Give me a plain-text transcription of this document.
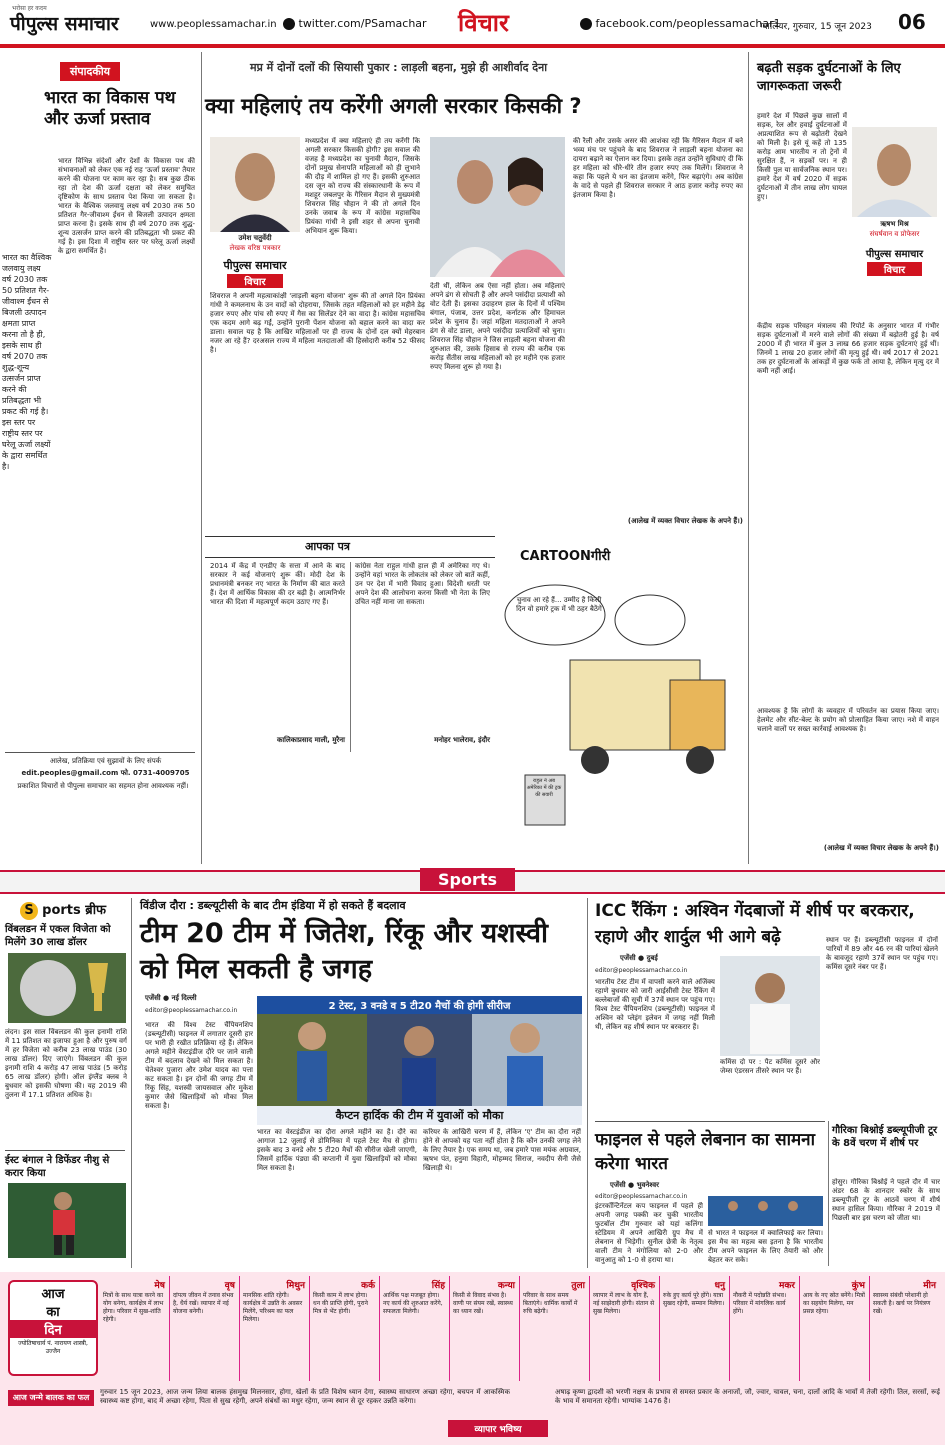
पीपुल्स समाचार
भरोसा हर कदम
www.peoplessamachar.in	twitter.com/PSamachar विचार	facebook.com/peoplessamachar1
ग्वालियर, गुरुवार, 15 जून 2023 06
संपादकीय
भारत का विकास पथ और ऊर्जा प्रस्ताव
भारत विभिन्न संदेशों और देशों के विकास पथ की संभावनाओं को लेकर एक नई राह 'ऊर्जा प्रस्ताव' तैयार करने की योजना पर काम कर रहा है। सब कुछ ठीक रहा तो देश की ऊर्जा दक्षता को लेकर समुचित दृष्टिकोण के साथ प्रस्ताव पेश किया जा सकता है। भारत के वैश्विक जलवायु लक्ष्य वर्ष 2030 तक 50 प्रतिशत गैर-जीवाश्म ईंधन से बिजली उत्पादन क्षमता प्राप्त करना है। इसके साथ ही वर्ष 2070 तक शुद्ध-शून्य उत्सर्जन प्राप्त करने की प्रतिबद्धता भी प्रकट की गई है। इस दिशा में राष्ट्रीय स्तर पर घरेलू ऊर्जा लक्ष्यों के द्वारा समर्थित है।
भारत का वैश्विक जलवायु लक्ष्य वर्ष 2030 तक 50 प्रतिशत गैर-जीवाश्म ईंधन से बिजली उत्पादन क्षमता प्राप्त करना तो है ही, इसके साथ ही वर्ष 2070 तक शुद्ध-शून्य उत्सर्जन प्राप्त करने की प्रतिबद्धता भी प्रकट की गई है। इस स्तर पर राष्ट्रीय स्तर पर घरेलू ऊर्जा लक्ष्यों के द्वारा समर्थित है।
आलेख, प्रतिक्रिया एवं सुझावों के लिए संपर्क
edit.peoples@gmail.com फो. 0731-4009705
प्रकाशित विचारों से पीपुल्स समाचार का सहमत होना आवश्यक नहीं।
मप्र में दोनों दलों की सियासी पुकार : लाड़ली बहना, मुझे ही आशीर्वाद देना
क्या महिलाएं तय करेंगी अगली सरकार किसकी ?
उमेश चतुर्वेदी
लेखक वरिष्ठ पत्रकार
पीपुल्स समाचार
विचार
मध्यप्रदेश में क्या महिलाएं ही तय करेंगी कि अगली सरकार किसकी होगी? इस सवाल की वजह है मध्यप्रदेश का चुनावी मैदान, जिसके दोनों प्रमुख सेनापति महिलाओं को ही लुभाने की दौड़ में शामिल हो गए हैं। इसकी शुरुआत दस जून को राज्य की संस्कारधानी के रूप में मशहूर जबलपुर के गैरिसन मैदान से मुख्यमंत्री शिवराज सिंह चौहान ने की तो अगले दिन उनके जवाब के रूप में कांग्रेस महासचिव प्रियंका गांधी ने इसी शहर से अपना चुनावी अभियान शुरू किया।
शिवराज ने अपनी महत्वाकांक्षी 'लाड़ली बहना योजना' शुरू की तो अगले दिन प्रियंका गांधी ने कमलनाथ के उन वादों को दोहराया, जिसके तहत महिलाओं को हर महीने डेढ़ हजार रुपए और पांच सौ रुपए में गैस का सिलेंडर देने का वादा है। कांग्रेस महासचिव एक कदम आगे बढ़ गईं, उन्होंने पुरानी पेंशन योजना को बहाल करने का वादा कर डाला। सवाल यह है कि आखिर महिलाओं पर ही राज्य के दोनों दल क्यों मेहरबान नजर आ रहे हैं? दरअसल राज्य में महिला मतदाताओं की हिस्सेदारी करीब 52 फीसद है।
देती थीं, लेकिन अब ऐसा नहीं होता। अब महिलाएं अपने ढंग से सोचती हैं और अपने पसंदीदा प्रत्याशी को वोट देती हैं। इसका उदाहरण हाल के दिनों में पश्चिम बंगाल, पंजाब, उत्तर प्रदेश, कर्नाटक और हिमाचल प्रदेश के चुनाव हैं। जहां महिला मतदाताओं ने अपने ढंग से वोट डाला, अपने पसंदीदा प्रत्याशियों को चुना। शिवराज सिंह चौहान ने जिस लाड़ली बहना योजना की शुरुआत की, उसके हिसाब से राज्य की करीब एक करोड़ सैंतीस लाख महिलाओं को हर महीने एक हजार रुपए मिलना शुरू हो गया है।
की रैली और उसके असर की आशंका रही कि गैरिसन मैदान में बने भव्य मंच पर पहुंचने के बाद शिवराज ने लाड़ली बहना योजना का दायरा बढ़ाने का ऐलान कर दिया। इसके तहत उन्होंने सुविधाएं दी कि हर महिला को धीरे-धीरे तीन हजार रुपए तक मिलेंगे। शिवराज ने कहा कि पहले ये धन का इंतजाम करेंगे, फिर बढ़ाएंगे। अब कांग्रेस के वादे से पहले ही शिवराज सरकार ने आठ हजार करोड़ रुपए का इंतजाम किया है।
(आलेख में व्यक्त विचार लेखक के अपने हैं।)
आपका पत्र
2014 में केंद्र में एनडीए के सत्ता में आने के बाद सरकार ने कई योजनाएं शुरू कीं। मोदी देश के प्रधानमंत्री बनकर नए भारत के निर्माण की बात करते हैं। देश में आर्थिक विकास की दर बढ़ी है। आत्मनिर्भर भारत की दिशा में महत्वपूर्ण कदम उठाए गए हैं।
कालिकाप्रसाद माली, मुरैना
कांग्रेस नेता राहुल गांधी हाल ही में अमेरिका गए थे। उन्होंने वहां भारत के लोकतंत्र को लेकर जो बातें कहीं, उन पर देश में भारी विवाद हुआ। विदेशी धरती पर अपने देश की आलोचना करना किसी भी नेता के लिए उचित नहीं माना जा सकता।
मनोहर भालेराव, इंदौर
CARTOONगीरी
चुनाव आ रहे हैं... उम्मीद है किसी दिन वो हमारे ट्रक में भी ठहर बैठेंगे
राहुल ने अब अमेरिका में की ट्रक की सवारी
बढ़ती सड़क दुर्घटनाओं के लिए जागरूकता जरूरी
हमारे देश में पिछले कुछ सालों में सड़क, रेल और हवाई दुर्घटनाओं में अप्रत्याशित रूप से बढ़ोतरी देखने को मिली है। इसे यूं कहें तो 135 करोड़ आम भारतीय न तो ट्रेनों में सुरक्षित हैं, न सड़कों पर। न ही किसी पुल या सार्वजनिक स्थान पर। हमारे देश में वर्ष 2020 में सड़क दुर्घटनाओं में तीन लाख लोग घायल हुए।
ऋषभ मिश्र
संघर्षवान व प्रोफेसर
पीपुल्स समाचार
विचार
केंद्रीय सड़क परिवहन मंत्रालय की रिपोर्ट के अनुसार भारत में गंभीर सड़क दुर्घटनाओं में मरने वाले लोगों की संख्या में बढ़ोतरी हुई है। वर्ष 2000 में ही भारत में कुल 3 लाख 66 हजार सड़क दुर्घटनाएं हुई थीं। जिनमें 1 लाख 20 हजार लोगों की मृत्यु हुई थी। वर्ष 2017 से 2021 तक हर दुर्घटनाओं के आंकड़ों में कुछ फर्क तो आया है, लेकिन मृत्यु दर में कमी नहीं आई।
आवश्यक है कि लोगों के व्यवहार में परिवर्तन का प्रयास किया जाए। हेलमेट और सीट-बेल्ट के प्रयोग को प्रोत्साहित किया जाए। नशे में वाहन चलाने वालों पर सख्त कार्रवाई आवश्यक है।
(आलेख में व्यक्त विचार लेखक के अपने हैं।)
Sports
S ports ब्रीफ
विंबलडन में एकल विजेता को मिलेंगे 30 लाख डॉलर
लंदन। इस साल विंबलडन की कुल इनामी राशि में 11 प्रतिशत का इजाफा हुआ है और पुरुष वर्ग में हर विजेता को करीब 23 लाख पाउंड (30 लाख डॉलर) दिए जाएंगे। विंबलडन की कुल इनामी राशि 4 करोड़ 47 लाख पाउंड (5 करोड़ 65 लाख डॉलर) होगी। ऑल इंग्लैंड क्लब ने बुधवार को इसकी घोषणा की। यह 2019 की तुलना में 17.1 प्रतिशत अधिक है।
ईस्ट बंगाल ने डिफेंडर नीशु से करार किया
विंडीज दौरा : डब्ल्यूटीसी के बाद टीम इंडिया में हो सकते हैं बदलाव
टीम 20 टीम में जितेश, रिंकू और यशस्वी को मिल सकती है जगह
एजेंसी ● नई दिल्ली
editor@peoplessamachar.co.in
भारत की विश्व टेस्ट चैंपियनशिप (डब्ल्यूटीसी) फाइनल में लगातार दूसरी हार पर भारी ही रखीत प्रतिक्रिया रहे हैं। लेकिन अगले महीने वेस्टइंडीज दौरे पर जाने वाली टीम में बदलाव देखने को मिल सकता है। चेतेश्वर पुजारा और उमेश यादव का पत्ता कट सकता है। इन दोनों की जगह टीम में रिंकू सिंह, यशस्वी जायसवाल और मुकेश कुमार जैसे खिलाड़ियों को मौका मिल सकता है।
2 टेस्ट, 3 वनडे व 5 टी20 मैचों की होगी सीरीज
कैप्टन हार्दिक की टीम में युवाओं को मौका
भारत का वेस्टइंडीज का दौरा अगले महीने का है। दौरे का आगाज 12 जुलाई से डोमिनिका में पहले टेस्ट मैच से होगा। इसके बाद 3 वनडे और 5 टी20 मैचों की सीरीज खेली जाएगी, जिसमें हार्दिक पंड्या की कप्तानी में युवा खिलाड़ियों को मौका मिल सकता है।
करियर के आखिरी चरण में हैं, लेकिन 'ए' टीम का दौरा नहीं होने से आपको यह पता नहीं होता है कि कौन उनकी जगह लेने के लिए तैयार है। एक समय था, जब हमारे पास मयंक अग्रवाल, ऋषभ पंत, हनुमा विहारी, मोहम्मद सिराज, नवदीप सैनी जैसे खिलाड़ी थे।
ICC रैंकिंग : अश्विन गेंदबाजों में शीर्ष पर बरकरार, रहाणे और शार्दुल भी आगे बढ़े
एजेंसी ● दुबई
editor@peoplessamachar.co.in
भारतीय टेस्ट टीम में वापसी करने वाले अजिंक्य रहाणे बुधवार को जारी आईसीसी टेस्ट रैंकिंग में बल्लेबाजों की सूची में 37वें स्थान पर पहुंच गए। विश्व टेस्ट चैंपियनशिप (डब्ल्यूटीसी) फाइनल में अश्विन को प्लेइंग इलेवन में जगह नहीं मिली थी, लेकिन वह शीर्ष स्थान पर बरकरार हैं।
कमिंस दो पर : पैट कमिंस दूसरे और जेम्स एंडरसन तीसरे स्थान पर हैं।
स्थान पर हैं। डब्ल्यूटीसी फाइनल में दोनों पारियों में 89 और 46 रन की पारियां खेलने के बावजूद रहाणे 37वें स्थान पर पहुंच गए। कमिंस दूसरे नंबर पर हैं।
फाइनल से पहले लेबनान का सामना करेगा भारत
एजेंसी ● भुवनेश्वर
editor@peoplessamachar.co.in
इंटरकॉन्टिनेंटल कप फाइनल में पहले ही अपनी जगह पक्की कर चुकी भारतीय फुटबॉल टीम गुरुवार को यहां कलिंगा स्टेडियम में अपने आखिरी ग्रुप मैच में लेबनान से भिड़ेगी। सुनील छेत्री के नेतृत्व वाली टीम ने मंगोलिया को 2-0 और वानुआतु को 1-0 से हराया था।
से भारत ने फाइनल में क्वालिफाई कर लिया। इस मैच का महत्व बस इतना है कि भारतीय टीम अपने फाइनल के लिए तैयारी को और बेहतर कर सके।
गौरिका बिश्नोई डब्ल्यूपीजी टूर के 8वें चरण में शीर्ष पर
होसुर। गौरिका बिश्नोई ने पहले दौर में चार अंडर 68 के शानदार स्कोर के साथ डब्ल्यूपीजी टूर के आठवें चरण में शीर्ष स्थान हासिल किया। गौरिका ने 2019 में पिछली बार इस चरण को जीता था।
आज
का
दिन
ज्योतिषाचार्य पं. नारायण शास्त्री, उज्जैन
मेष
मित्रों के साथ यात्रा करने का योग बनेगा, कार्यक्षेत्र में लाभ होगा। परिवार में सुख-शांति रहेगी।
वृष
दांपत्य जीवन में तनाव संभव है, धैर्य रखें। व्यापार में नई योजना बनेगी।
मिथुन
मानसिक शांति रहेगी। कार्यक्षेत्र में उन्नति के अवसर मिलेंगे, परिश्रम का फल मिलेगा।
कर्क
किसी काम में लाभ होगा। धन की प्राप्ति होगी, पुराने मित्र से भेंट होगी।
सिंह
आर्थिक पक्ष मजबूत होगा। नए कार्य की शुरुआत करेंगे, सफलता मिलेगी।
कन्या
किसी से विवाद संभव है। वाणी पर संयम रखें, स्वास्थ्य का ध्यान रखें।
तुला
परिवार के साथ समय बिताएंगे। धार्मिक कार्यों में रुचि बढ़ेगी।
वृश्चिक
व्यापार में लाभ के योग हैं, नई साझेदारी होगी। संतान से सुख मिलेगा।
धनु
रुके हुए कार्य पूरे होंगे। यात्रा सुखद रहेगी, सम्मान मिलेगा।
मकर
नौकरी में पदोन्नति संभव। परिवार में मांगलिक कार्य होंगे।
कुंभ
आय के नए स्रोत बनेंगे। मित्रों का सहयोग मिलेगा, मन प्रसन्न रहेगा।
मीन
स्वास्थ्य संबंधी परेशानी हो सकती है। खर्च पर नियंत्रण रखें।
आज जन्मे बालक का फल
गुरुवार 15 जून 2023, आज जन्म लिया बालक हंसमुख मिलनसार, होगा, खेलों के प्रति विशेष ध्यान देगा, स्वास्थ्य साधारण अच्छा रहेगा, बचपन में आकस्मिक स्वास्थ्य कष्ट होगा, बाद में अच्छा रहेगा, पिता से सुख रहेगी, अपने संबंधों का मधुर रहेगा, जन्म स्थान से दूर रहकर उन्नति करेगा।
व्यापार भविष्य
अषाढ़ कृष्ण द्वादशी को भरणी नक्षत्र के प्रभाव से समस्त प्रकार के अनाजों, जौ, ज्वार, चावल, चना, दालों आदि के भावों में तेजी रहेगी। तिल, सरसों, रूई के भाव में समानता रहेगी। भाग्यांक 1476 है।
